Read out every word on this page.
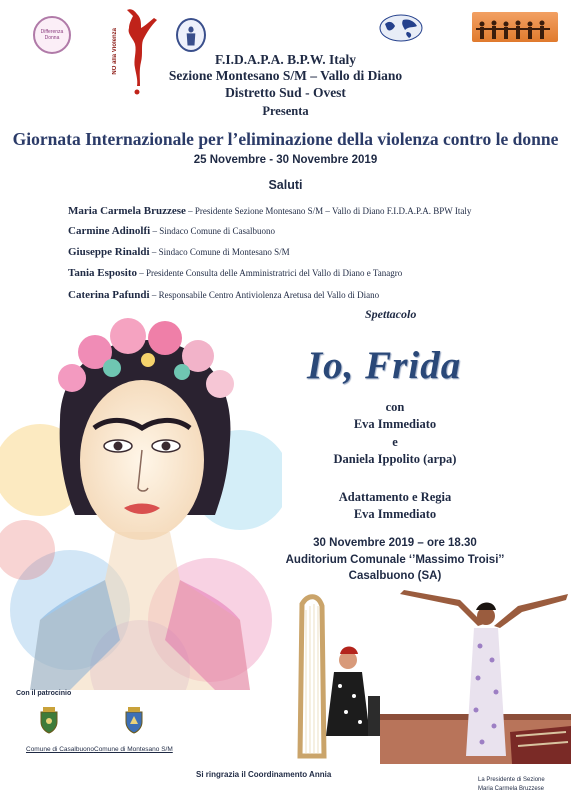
Differenza
Donna	NO alla Violenza	F.I.D.A.P.A. B.P.W. Italy
Sezione Montesano S/M – Vallo di Diano
Distretto Sud - Ovest
Presenta
Giornata Internazionale per l’eliminazione della violenza contro le donne
25 Novembre - 30 Novembre 2019
Saluti
Maria Carmela Bruzzese – Presidente Sezione Montesano S/M – Vallo di Diano F.I.D.A.P.A. BPW Italy
Carmine Adinolfi – Sindaco Comune di Casalbuono
Giuseppe Rinaldi – Sindaco Comune di Montesano S/M
Tania Esposito – Presidente Consulta delle Amministratrici del Vallo di Diano e Tanagro
Caterina Pafundi – Responsabile Centro Antiviolenza Aretusa del Vallo di Diano
Spettacolo
Io, Frida
con
Eva Immediato
e
Daniela Ippolito (arpa)
Adattamento e Regia
Eva Immediato
30 Novembre 2019 – ore 18.30
Auditorium Comunale ‘’Massimo Troisi’’
Casalbuono (SA)
Con il patrocinio
Comune di Casalbuono Comune di Montesano S/M
Si ringrazia il Coordinamento Annia
La Presidente di Sezione
Maria Carmela Bruzzese
